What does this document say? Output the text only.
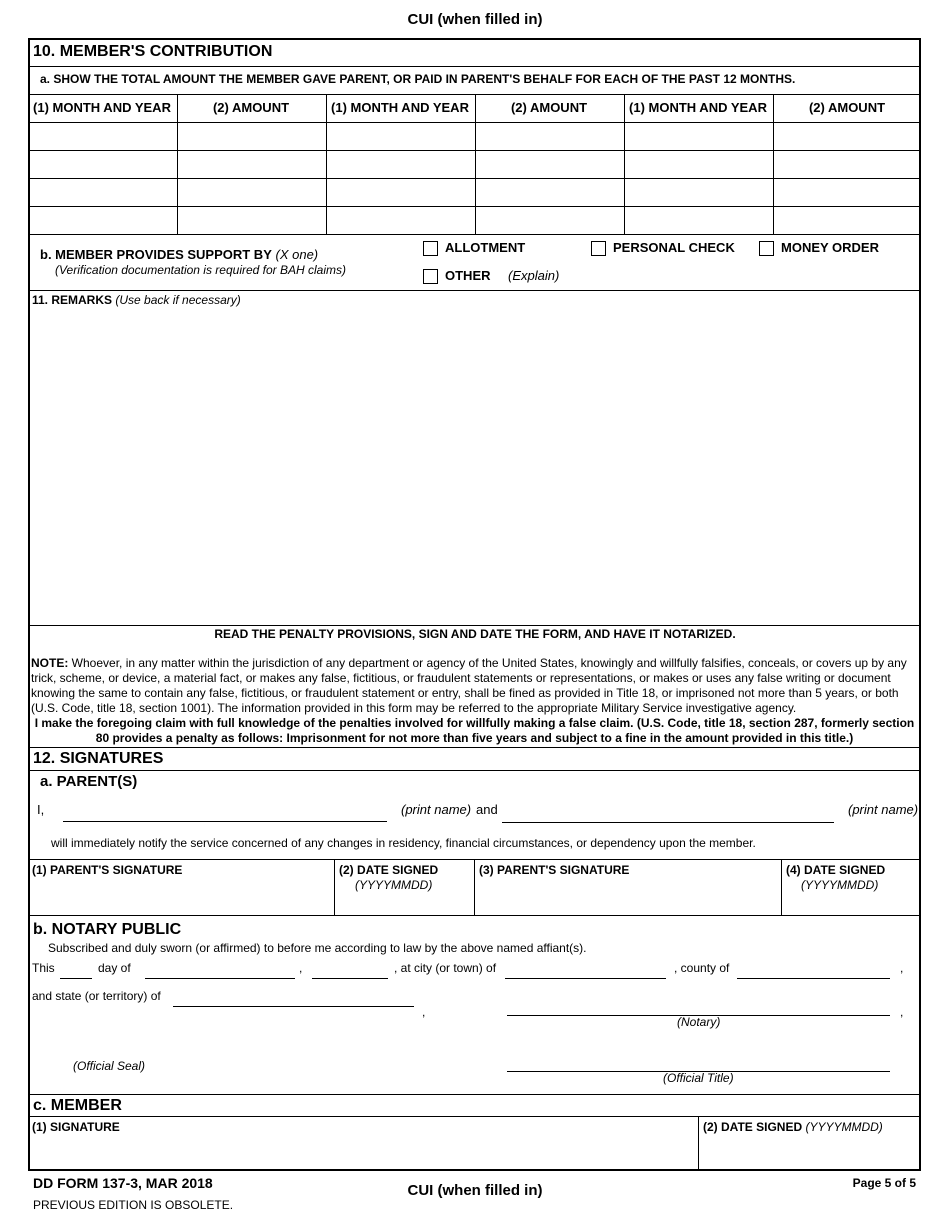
CUI (when filled in)
10. MEMBER'S CONTRIBUTION
a. SHOW THE TOTAL AMOUNT THE MEMBER GAVE PARENT, OR PAID IN PARENT'S BEHALF FOR EACH OF THE PAST 12 MONTHS.
(1) MONTH AND YEAR	(2) AMOUNT	(1) MONTH AND YEAR	(2) AMOUNT	(1) MONTH AND YEAR	(2) AMOUNT
b. MEMBER PROVIDES SUPPORT BY (X one)
(Verification documentation is required for BAH claims)
ALLOTMENT	PERSONAL CHECK	MONEY ORDER
OTHER (Explain)
11. REMARKS (Use back if necessary)
READ THE PENALTY PROVISIONS, SIGN AND DATE THE FORM, AND HAVE IT NOTARIZED.
NOTE: Whoever, in any matter within the jurisdiction of any department or agency of the United States, knowingly and willfully falsifies, conceals, or covers up by any trick, scheme, or device, a material fact, or makes any false, fictitious, or fraudulent statements or representations, or makes or uses any false writing or document knowing the same to contain any false, fictitious, or fraudulent statement or entry, shall be fined as provided in Title 18, or imprisoned not more than 5 years, or both (U.S. Code, title 18, section 1001). The information provided in this form may be referred to the appropriate Military Service investigative agency.
I make the foregoing claim with full knowledge of the penalties involved for willfully making a false claim. (U.S. Code, title 18, section 287, formerly section 80 provides a penalty as follows: Imprisonment for not more than five years and subject to a fine in the amount provided in this title.)
12. SIGNATURES
a. PARENT(S)
I,	(print name) and	(print name)
will immediately notify the service concerned of any changes in residency, financial circumstances, or dependency upon the member.
(1) PARENT'S SIGNATURE	(2) DATE SIGNED
(YYYYMMDD)
(3) PARENT'S SIGNATURE	(4) DATE SIGNED
(YYYYMMDD)
b. NOTARY PUBLIC
Subscribed and duly sworn (or affirmed) to before me according to law by the above named affiant(s).
This	day of	,	, at city (or town) of	, county of	,
and state (or territory) of
,	,
(Notary)
(Official Seal)
(Official Title)
c. MEMBER
(1) SIGNATURE	(2) DATE SIGNED (YYYYMMDD)
DD FORM 137-3, MAR 2018
PREVIOUS EDITION IS OBSOLETE.
CUI (when filled in)	Page 5 of 5
